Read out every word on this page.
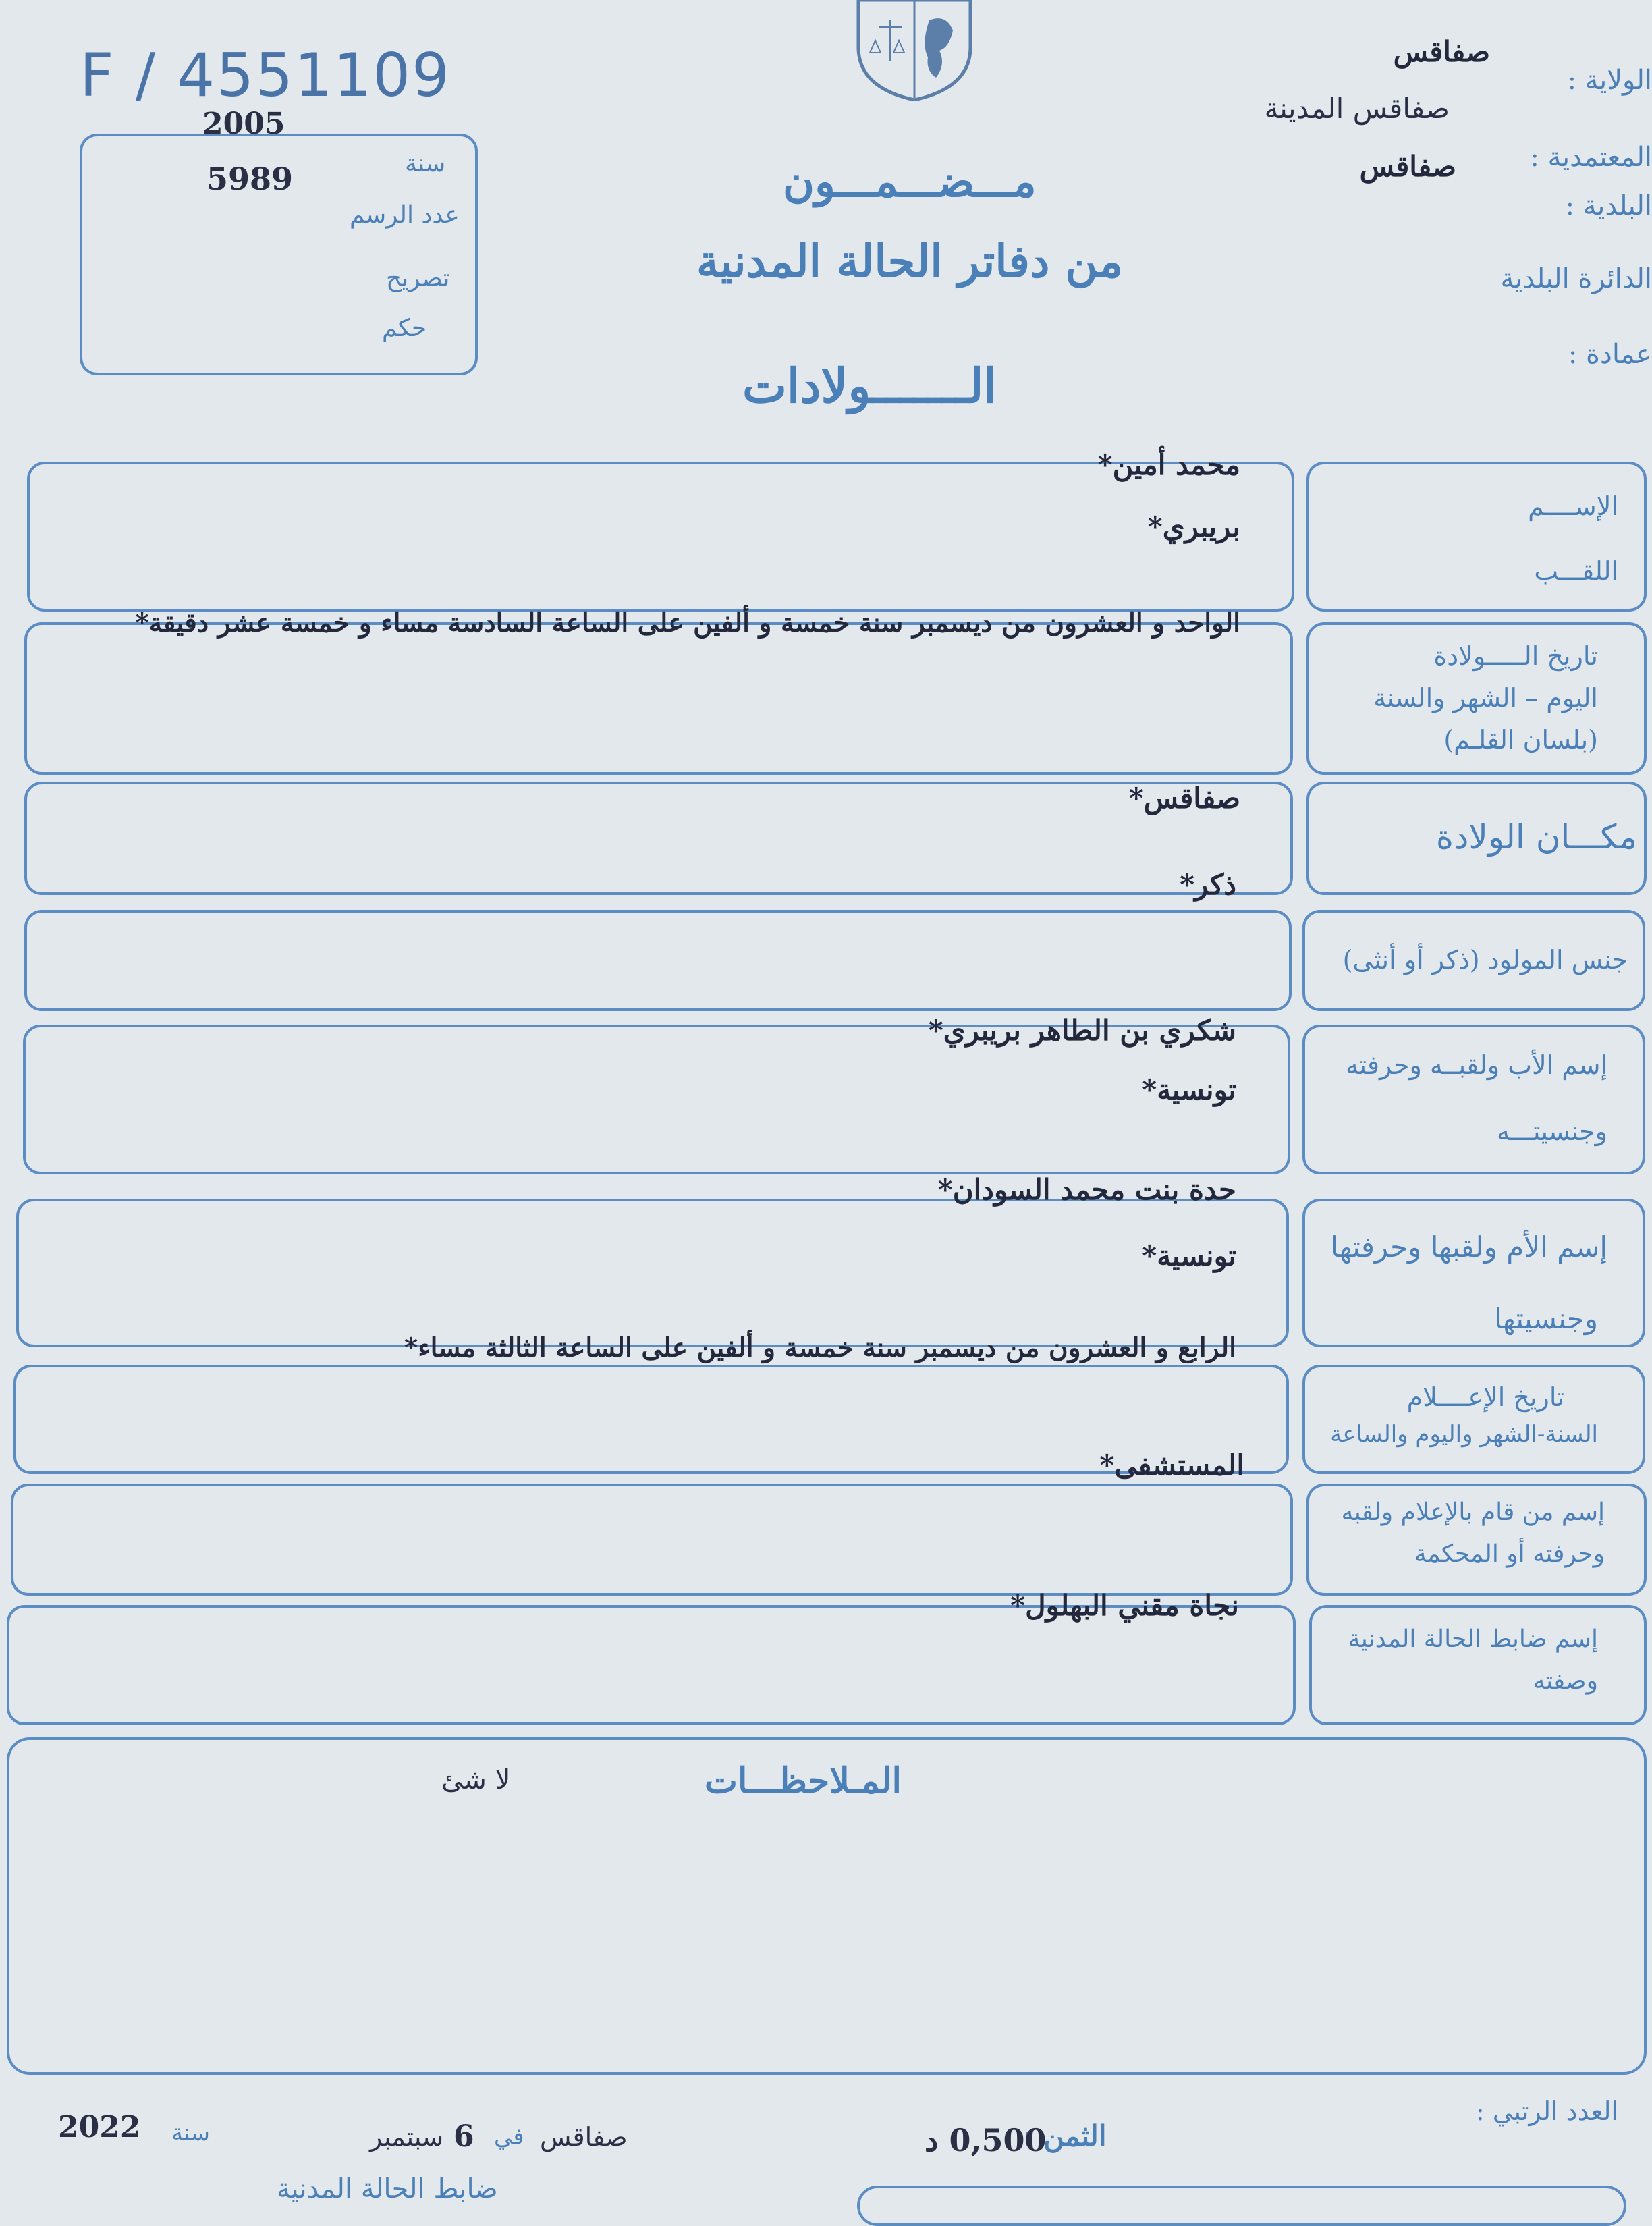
F / 4551109
2005
سنة
5989
عدد الرسم
تصريح
حكم
مـــضـــمـــون
من دفاتر الحالة المدنية
الـــــــولادات
الولاية :
صفاقس
صفاقس المدينة
المعتمدية :
صفاقس
البلدية :
الدائرة البلدية
عمادة :
الإســــم
اللقـــب
محمد أمين*
بريبري*
تاريخ الـــــولادة
اليوم – الشهر والسنة
(بلسان القلـم)
الواحد و العشرون من ديسمبر سنة خمسة و ألفين على الساعة السادسة مساء و خمسة عشر دقيقة*
مكـــان الولادة
صفاقس*
جنس المولود (ذكر أو أنثى)
ذكر*
إسم الأب ولقبــه وحرفته
وجنسيتـــه
شكري بن الطاهر بريبري*
تونسية*
إسم الأم ولقبها وحرفتها
وجنسيتها
حدة بنت محمد السودان*
تونسية*
تاريخ الإعــــلام
السنة-الشهر واليوم والساعة
الرابع و العشرون من ديسمبر سنة خمسة و ألفين على الساعة الثالثة مساء*
إسم من قام بالإعلام ولقبه
وحرفته أو المحكمة
المستشفى*
إسم ضابط الحالة المدنية
وصفته
نجاة مقني البهلول*
المـلاحظـــات
لا شئ
العدد الرتبي :
الثمن :
0,500 د
صفاقس
في
6
سبتمبر
سنة
2022
ضابط الحالة المدنية
